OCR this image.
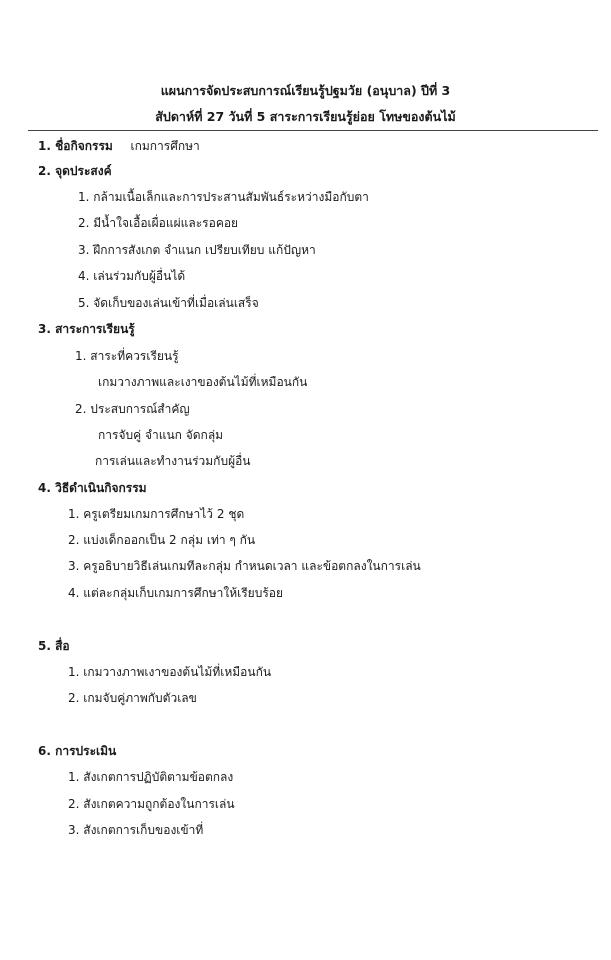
แผนการจัดประสบการณ์เรียนรู้ปฐมวัย (อนุบาล) ปีที่ 3
สัปดาห์ที่ 27 วันที่ 5 สาระการเรียนรู้ย่อย โทษของต้นไม้
1. ชื่อกิจกรรม เกมการศึกษา
2. จุดประสงค์
1. กล้ามเนื้อเล็กและการประสานสัมพันธ์ระหว่างมือกับตา
2. มีน้ำใจเอื้อเผื่อแผ่และรอคอย
3. ฝึกการสังเกต จำแนก เปรียบเทียบ แก้ปัญหา
4. เล่นร่วมกับผู้อื่นได้
5. จัดเก็บของเล่นเข้าที่เมื่อเล่นเสร็จ
3. สาระการเรียนรู้
1. สาระที่ควรเรียนรู้
เกมวางภาพและเงาของต้นไม้ที่เหมือนกัน
2. ประสบการณ์สำคัญ
การจับคู่ จำแนก จัดกลุ่ม
การเล่นและทำงานร่วมกับผู้อื่น
4. วิธีดำเนินกิจกรรม
1. ครูเตรียมเกมการศึกษาไว้ 2 ชุด
2. แบ่งเด็กออกเป็น 2 กลุ่ม เท่า ๆ กัน
3. ครูอธิบายวิธีเล่นเกมทีละกลุ่ม กำหนดเวลา และข้อตกลงในการเล่น
4. แต่ละกลุ่มเก็บเกมการศึกษาให้เรียบร้อย
5. สื่อ
1. เกมวางภาพเงาของต้นไม้ที่เหมือนกัน
2. เกมจับคู่ภาพกับตัวเลข
6. การประเมิน
1. สังเกตการปฏิบัติตามข้อตกลง
2. สังเกตความถูกต้องในการเล่น
3. สังเกตการเก็บของเข้าที่
